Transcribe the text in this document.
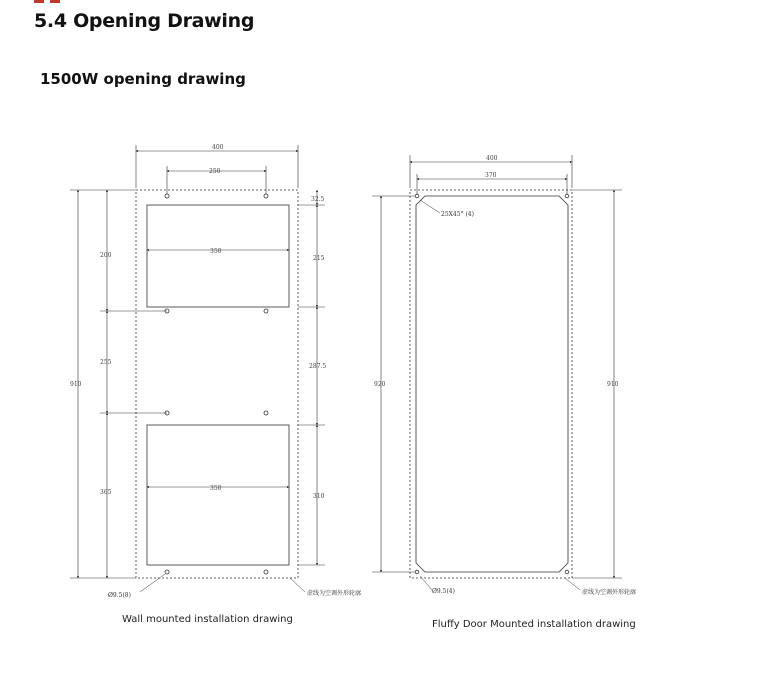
5.4 Opening Drawing
1500W opening drawing
400
250
350
350
32.5
215
287.5
310
200
255
365
910
Ø9.5(8)	虚线为空调外形轮廓
400
370
25X45° (4)
920	910
Ø9.5(4)	虚线为空调外形轮廓
Wall mounted installation drawing	Fluffy Door Mounted installation drawing
